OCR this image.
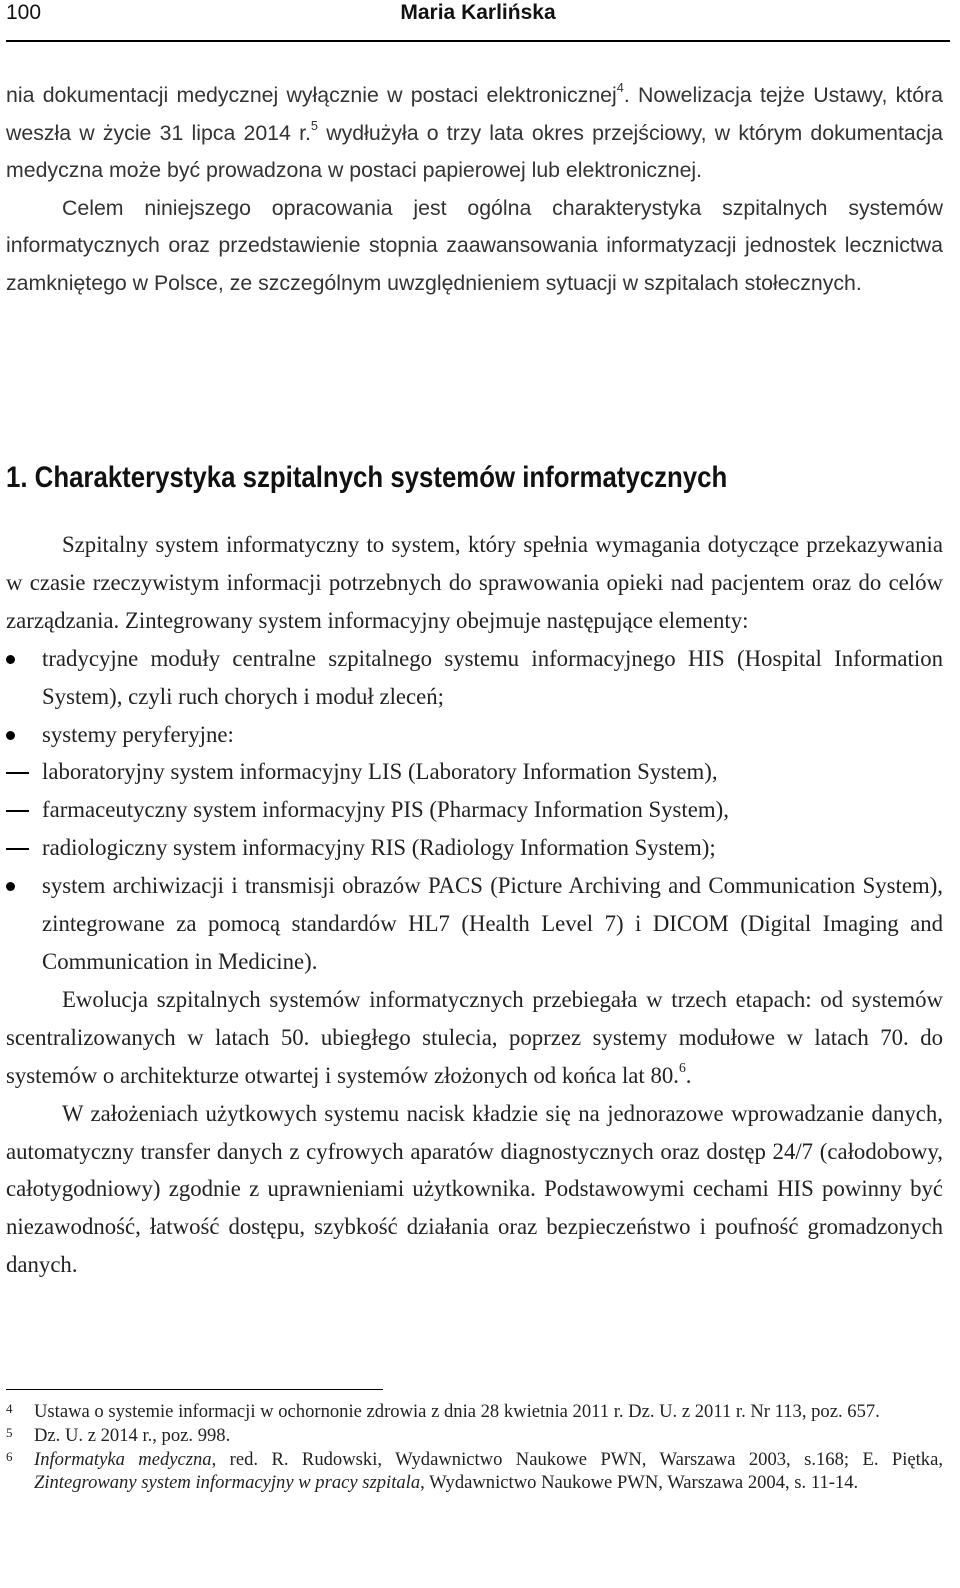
100	Maria Karlińska

nia dokumentacji medycznej wyłącznie w postaci elektronicznej$^4$. Nowelizacja tejże Ustawy, która weszła w życie 31 lipca 2014 r.$^5$ wydłużyła o trzy lata okres przejściowy, w którym dokumentacja medyczna może być prowadzona w postaci papierowej lub elektronicznej.

Celem niniejszego opracowania jest ogólna charakterystyka szpitalnych systemów informatycznych oraz przedstawienie stopnia zaawansowania informatyzacji jednostek lecznictwa zamkniętego w Polsce, ze szczególnym uwzględnieniem sytuacji w szpitalach stołecznych.

1. Charakterystyka szpitalnych systemów informatycznych

Szpitalny system informatyczny to system, który spełnia wymagania dotyczące przekazywania w czasie rzeczywistym informacji potrzebnych do sprawowania opieki nad pacjentem oraz do celów zarządzania. Zintegrowany system informacyjny obejmuje następujące elementy:

tradycyjne moduły centralne szpitalnego systemu informacyjnego HIS (Hospital Information System), czyli ruch chorych i moduł zleceń;
systemy peryferyjne:
laboratoryjny system informacyjny LIS (Laboratory Information System),
farmaceutyczny system informacyjny PIS (Pharmacy Information System),
radiologiczny system informacyjny RIS (Radiology Information System);
system archiwizacji i transmisji obrazów PACS (Picture Archiving and Communication System), zintegrowane za pomocą standardów HL7 (Health Level 7) i DICOM (Digital Imaging and Communication in Medicine).

Ewolucja szpitalnych systemów informatycznych przebiegała w trzech etapach: od systemów scentralizowanych w latach 50. ubiegłego stulecia, poprzez systemy modułowe w latach 70. do systemów o architekturze otwartej i systemów złożonych od końca lat 80.$^6$.

W założeniach użytkowych systemu nacisk kładzie się na jednorazowe wprowadzanie danych, automatyczny transfer danych z cyfrowych aparatów diagnostycznych oraz dostęp 24/7 (całodobowy, całotygodniowy) zgodnie z uprawnieniami użytkownika. Podstawowymi cechami HIS powinny być niezawodność, łatwość dostępu, szybkość działania oraz bezpieczeństwo i poufność gromadzonych danych.

4 Ustawa o systemie informacji w ochornonie zdrowia z dnia 28 kwietnia 2011 r. Dz. U. z 2011 r. Nr 113, poz. 657.
5 Dz. U. z 2014 r., poz. 998.
6 Informatyka medyczna, red. R. Rudowski, Wydawnictwo Naukowe PWN, Warszawa 2003, s.168; E. Piętka, Zintegrowany system informacyjny w pracy szpitala, Wydawnictwo Naukowe PWN, Warszawa 2004, s. 11-14.
